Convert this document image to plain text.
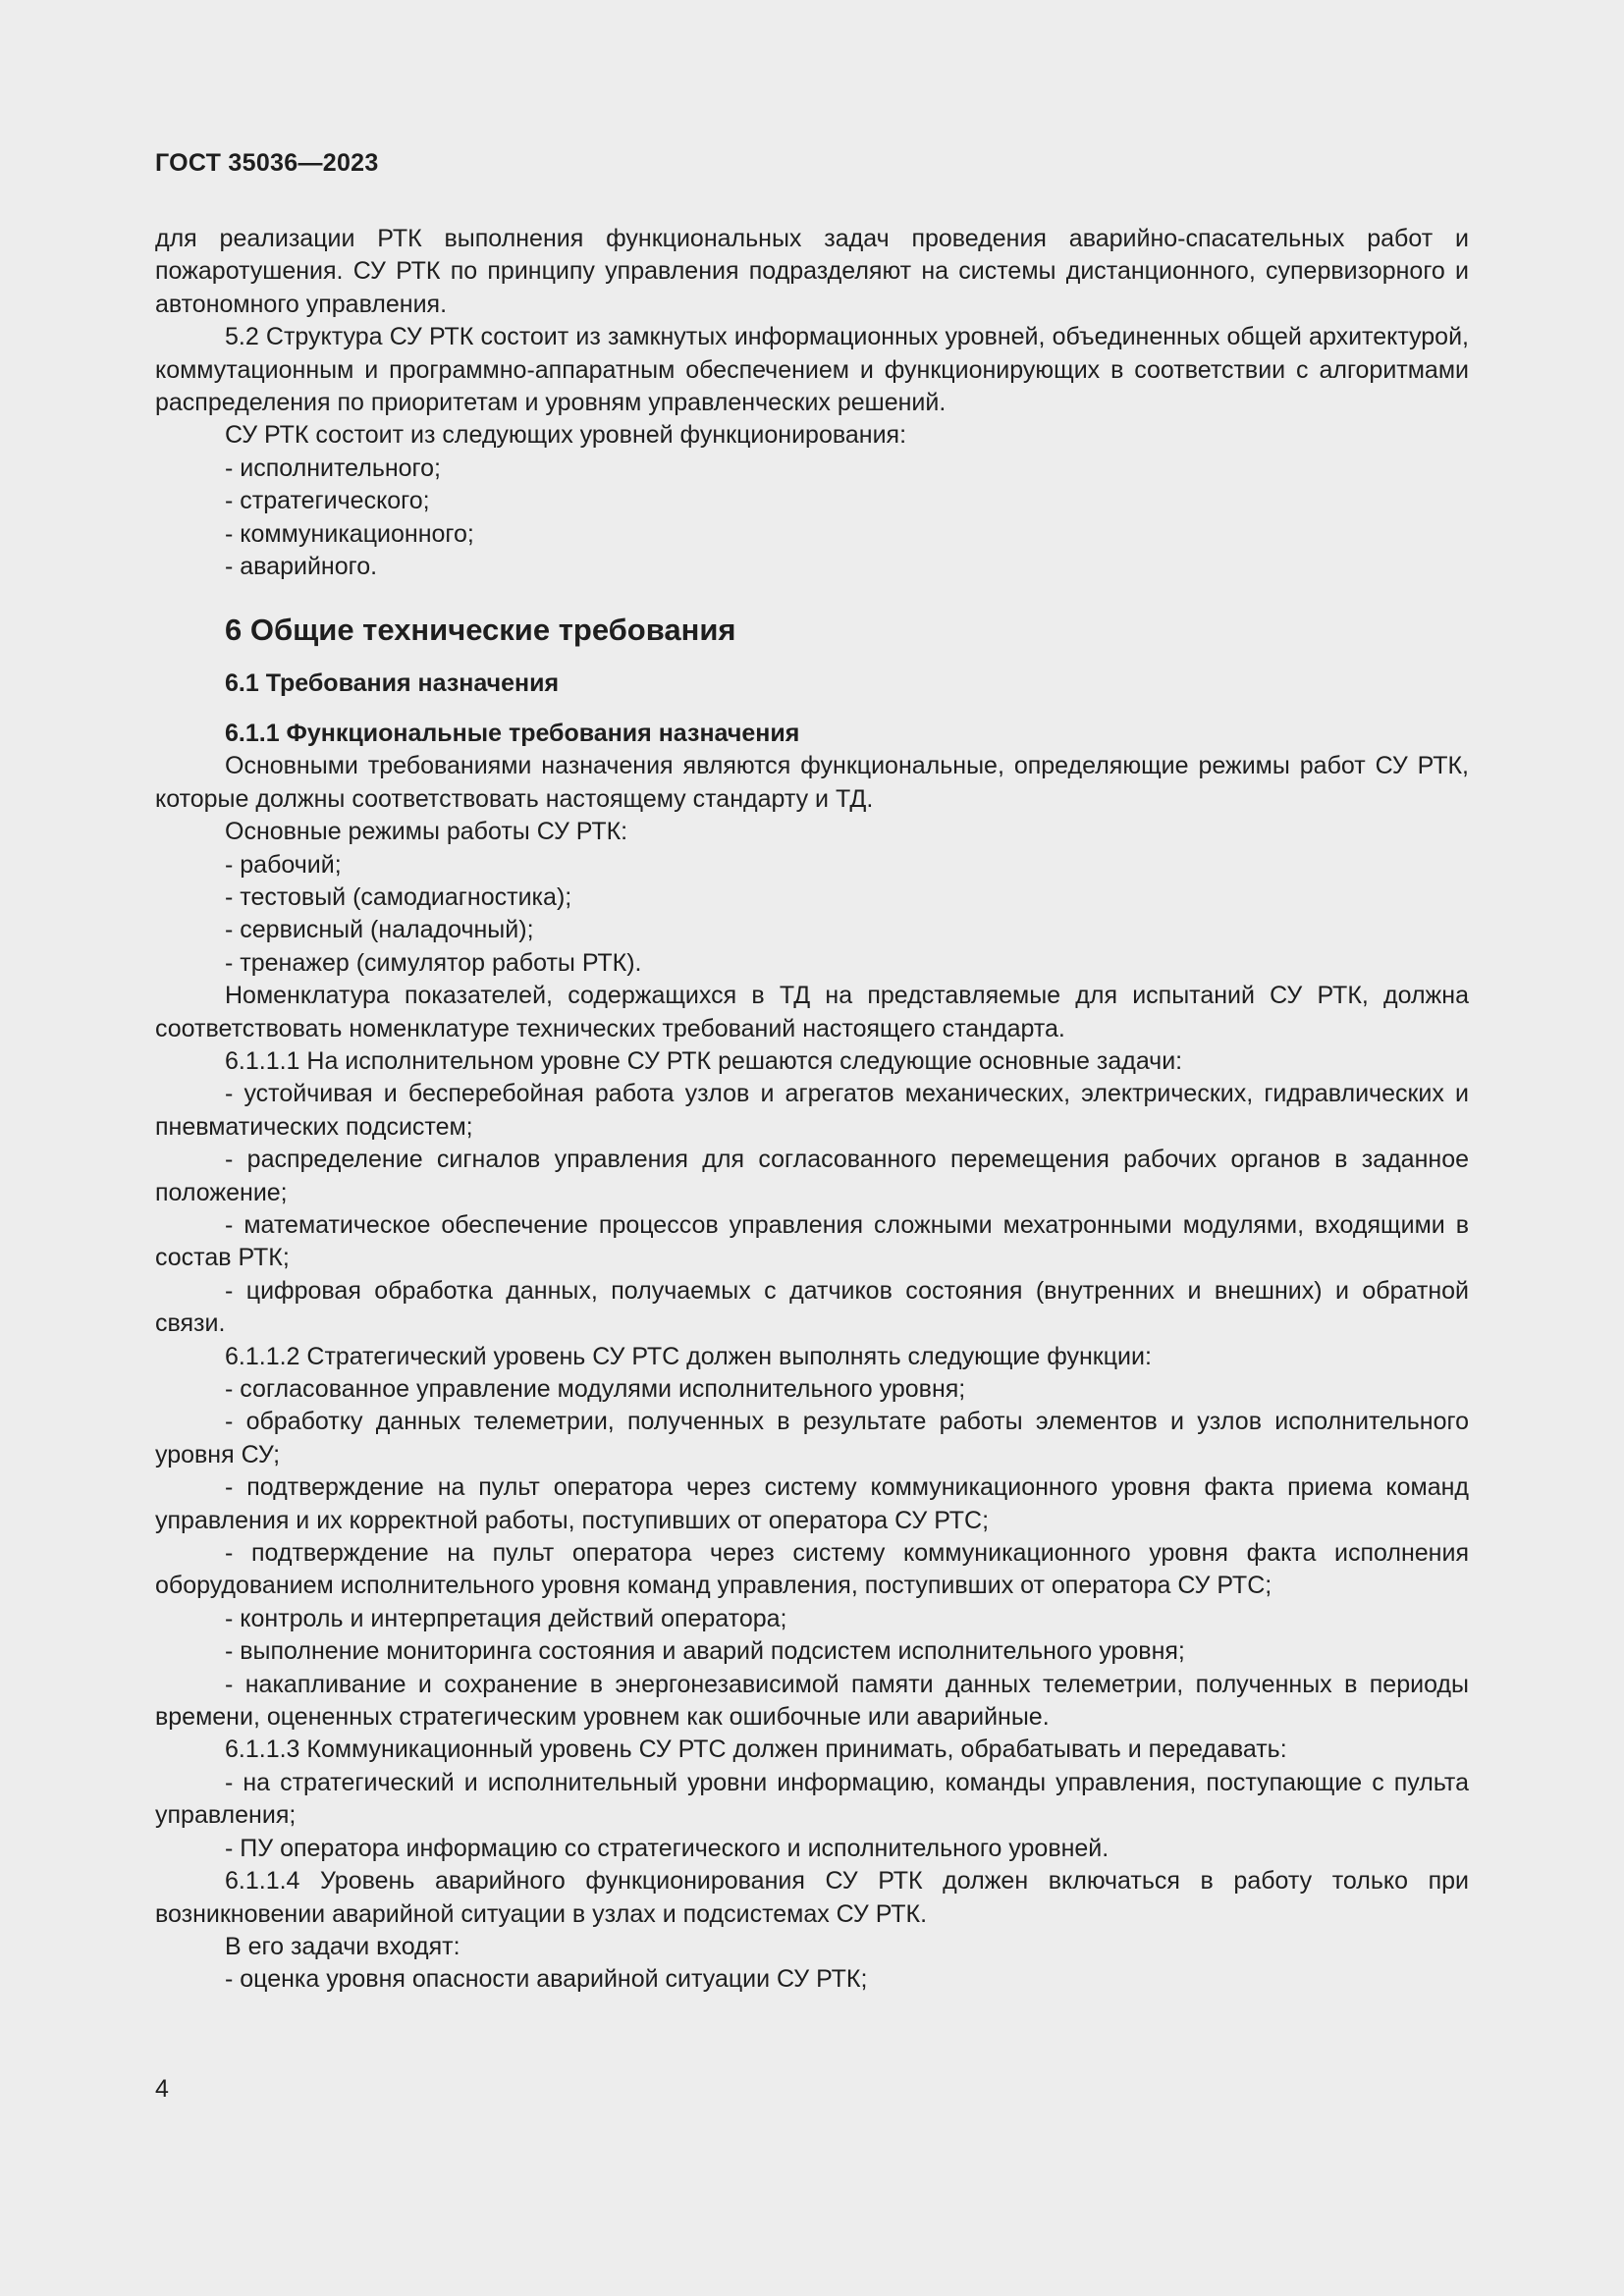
ГОСТ 35036—2023

для реализации РТК выполнения функциональных задач проведения аварийно-спасательных работ и пожаротушения. СУ РТК по принципу управления подразделяют на системы дистанционного, супервизорного и автономного управления.

5.2 Структура СУ РТК состоит из замкнутых информационных уровней, объединенных общей архитектурой, коммутационным и программно-аппаратным обеспечением и функционирующих в соответствии с алгоритмами распределения по приоритетам и уровням управленческих решений.

СУ РТК состоит из следующих уровней функционирования:

- исполнительного;

- стратегического;

- коммуникационного;

- аварийного.

6 Общие технические требования
6.1 Требования назначения
6.1.1 Функциональные требования назначения

Основными требованиями назначения являются функциональные, определяющие режимы работ СУ РТК, которые должны соответствовать настоящему стандарту и ТД.

Основные режимы работы СУ РТК:

- рабочий;

- тестовый (самодиагностика);

- сервисный (наладочный);

- тренажер (симулятор работы РТК).

Номенклатура показателей, содержащихся в ТД на представляемые для испытаний СУ РТК, должна соответствовать номенклатуре технических требований настоящего стандарта.

6.1.1.1 На исполнительном уровне СУ РТК решаются следующие основные задачи:

- устойчивая и бесперебойная работа узлов и агрегатов механических, электрических, гидравлических и пневматических подсистем;

- распределение сигналов управления для согласованного перемещения рабочих органов в заданное положение;

- математическое обеспечение процессов управления сложными мехатронными модулями, входящими в состав РТК;

- цифровая обработка данных, получаемых с датчиков состояния (внутренних и внешних) и обратной связи.

6.1.1.2 Стратегический уровень СУ РТС должен выполнять следующие функции:

- согласованное управление модулями исполнительного уровня;

- обработку данных телеметрии, полученных в результате работы элементов и узлов исполнительного уровня СУ;

- подтверждение на пульт оператора через систему коммуникационного уровня факта приема команд управления и их корректной работы, поступивших от оператора СУ РТС;

- подтверждение на пульт оператора через систему коммуникационного уровня факта исполнения оборудованием исполнительного уровня команд управления, поступивших от оператора СУ РТС;

- контроль и интерпретация действий оператора;

- выполнение мониторинга состояния и аварий подсистем исполнительного уровня;

- накапливание и сохранение в энергонезависимой памяти данных телеметрии, полученных в периоды времени, оцененных стратегическим уровнем как ошибочные или аварийные.

6.1.1.3 Коммуникационный уровень СУ РТС должен принимать, обрабатывать и передавать:

- на стратегический и исполнительный уровни информацию, команды управления, поступающие с пульта управления;

- ПУ оператора информацию со стратегического и исполнительного уровней.

6.1.1.4 Уровень аварийного функционирования СУ РТК должен включаться в работу только при возникновении аварийной ситуации в узлах и подсистемах СУ РТК.

В его задачи входят:

- оценка уровня опасности аварийной ситуации СУ РТК;

4
